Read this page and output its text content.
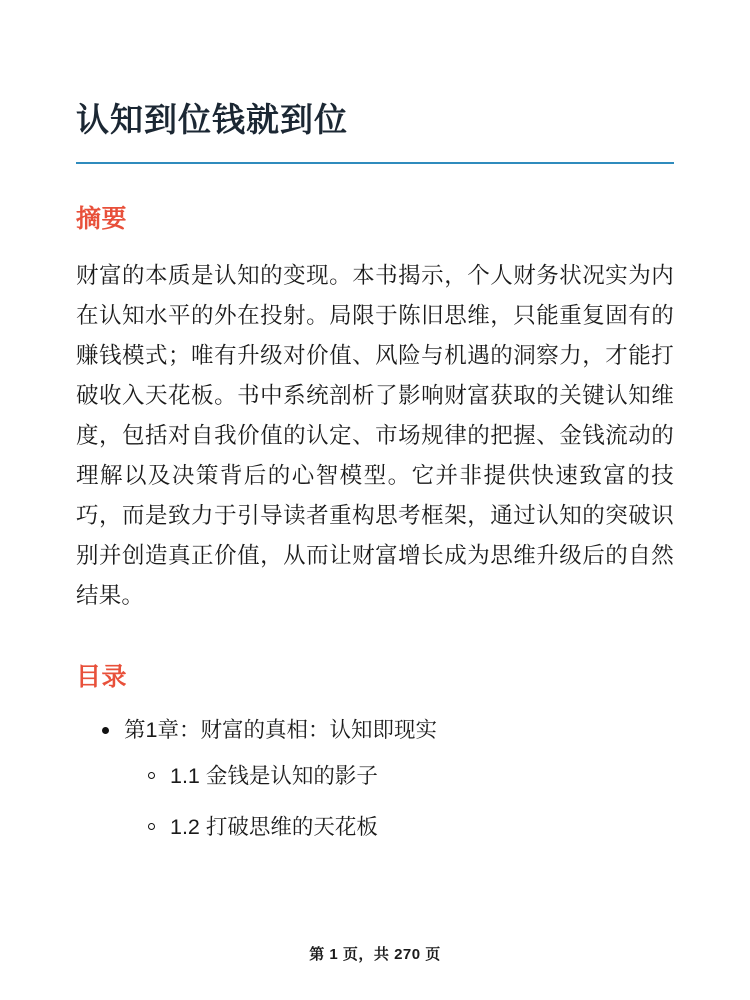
认知到位钱就到位
摘要

财富的本质是认知的变现。本书揭示，个人财务状况实为内在认知水平的外在投射。局限于陈旧思维，只能重复固有的赚钱模式；唯有升级对价值、风险与机遇的洞察力，才能打破收入天花板。书中系统剖析了影响财富获取的关键认知维度，包括对自我价值的认定、市场规律的把握、金钱流动的理解以及决策背后的心智模型。它并非提供快速致富的技巧，而是致力于引导读者重构思考框架，通过认知的突破识别并创造真正价值，从而让财富增长成为思维升级后的自然结果。

目录
第1章：财富的真相：认知即现实
1.1 金钱是认知的影子
1.2 打破思维的天花板
第 1 页，共 270 页
